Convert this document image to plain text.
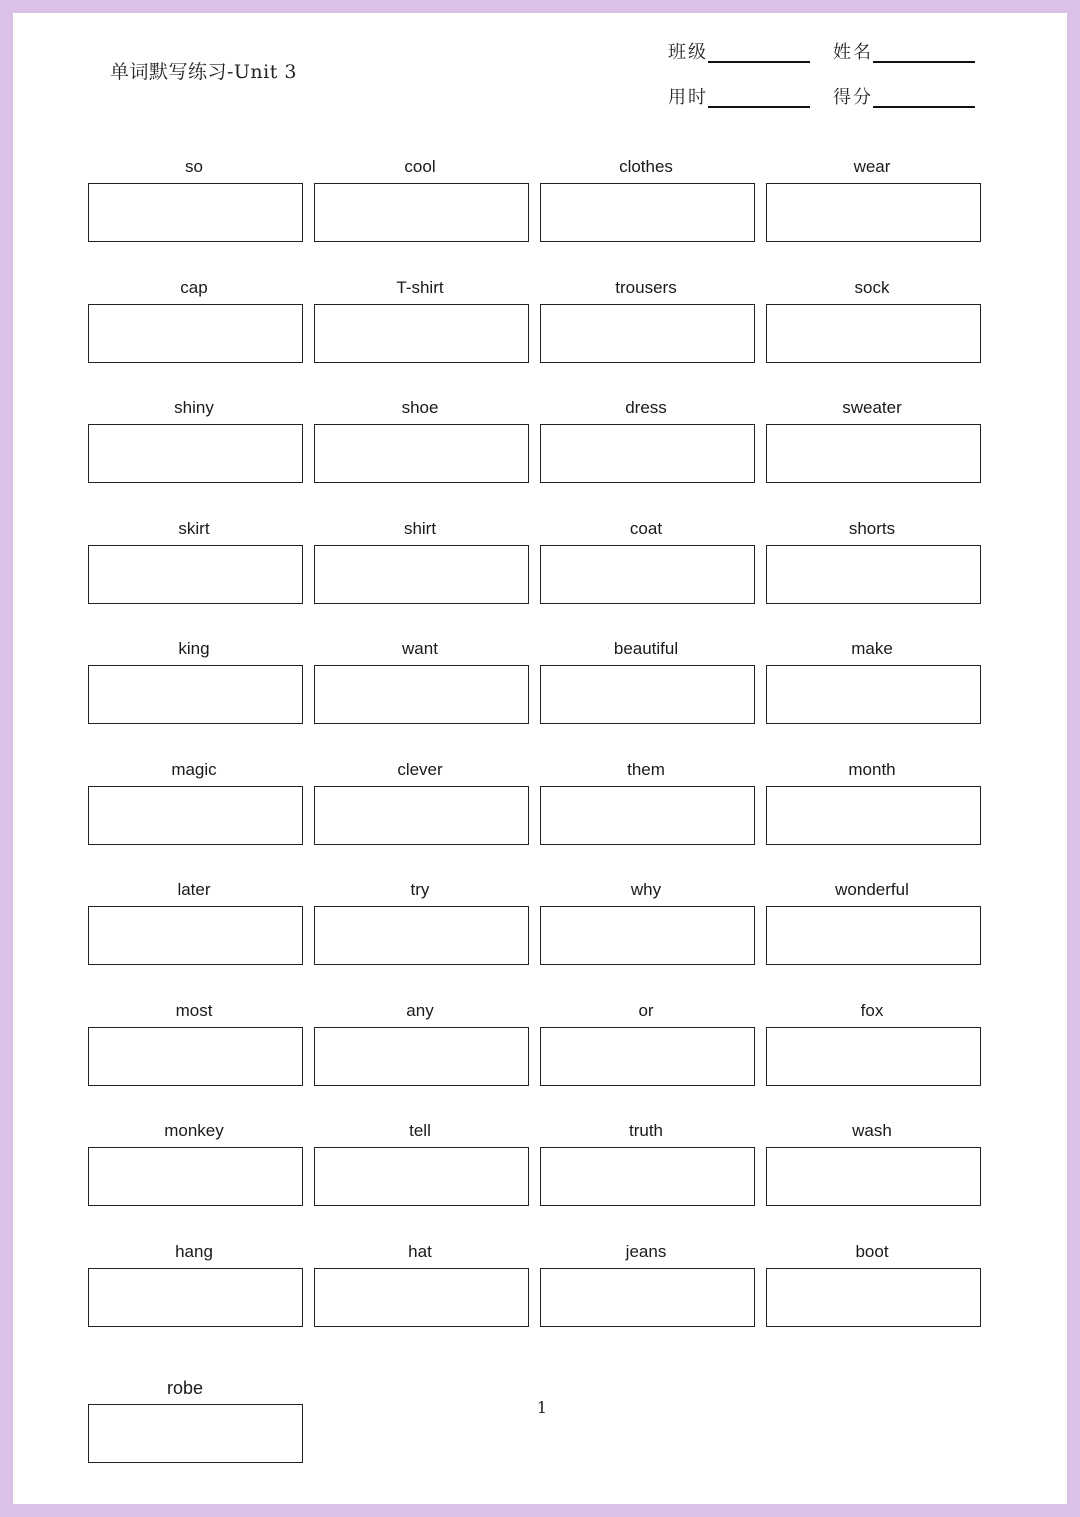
单词默写练习-Unit 3
班级	姓名
用时	得分
so	cool	clothes	wear
cap	T-shirt	trousers	sock
shiny	shoe	dress	sweater
skirt	shirt	coat	shorts
king	want	beautiful	make
magic	clever	them	month
later	try	why	wonderful
most	any	or	fox
monkey	tell	truth	wash
hang	hat	jeans	boot
robe
1
